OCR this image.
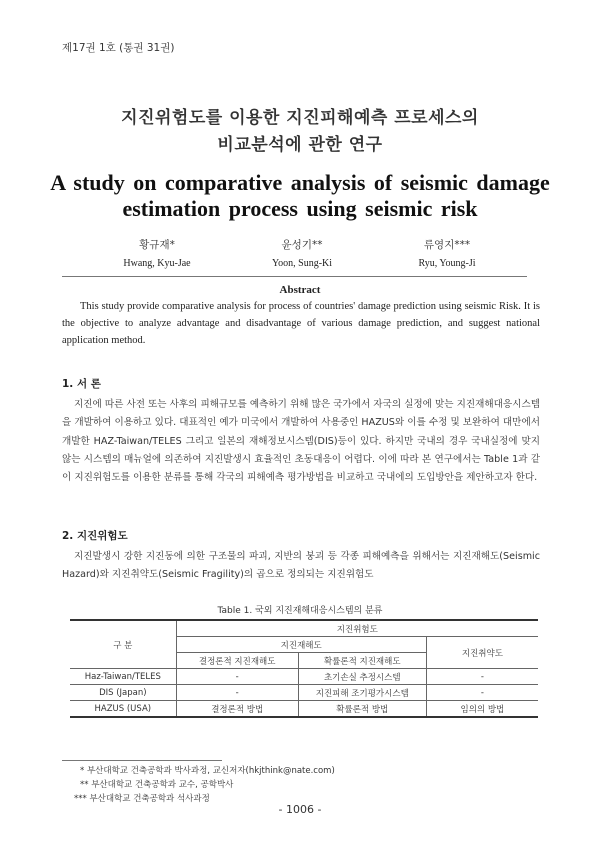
제17권 1호 (통권 31권)
지진위험도를 이용한 지진피해예측 프로세스의
비교분석에 관한 연구
A study on comparative analysis of seismic damage
estimation process using seismic risk
황규재*
Hwang, Kyu-Jae
윤성기**
Yoon, Sung-Ki
류영지***
Ryu, Young-Ji
Abstract
This study provide comparative analysis for process of countries' damage prediction using seismic Risk. It is the objective to analyze advantage and disadvantage of various damage prediction, and suggest national application method.
1. 서 론
지진에 따른 사전 또는 사후의 피해규모를 예측하기 위해 많은 국가에서 자국의 실정에 맞는 지진재해대응시스템을 개발하여 이용하고 있다. 대표적인 예가 미국에서 개발하여 사용중인 HAZUS와 이를 수정 및 보완하여 대만에서 개발한 HAZ-Taiwan/TELES 그리고 일본의 재해정보시스템(DIS)등이 있다. 하지만 국내의 경우 국내실정에 맞지 않는 시스템의 매뉴얼에 의존하여 지진발생시 효율적인 초동대응이 어렵다. 이에 따라 본 연구에서는 Table 1과 같이 지진위험도를 이용한 분류를 통해 각국의 피해예측 평가방법을 비교하고 국내에의 도입방안을 제안하고자 한다.
2. 지진위험도
지진발생시 강한 지진동에 의한 구조물의 파괴, 지반의 붕괴 등 각종 피해예측을 위해서는 지진재해도(Seismic Hazard)와 지진취약도(Seismic Fragility)의 곱으로 정의되는 지진위험도
Table 1. 국외 지진재해대응시스템의 분류
구 분	지진위험도		
	지진재해도		지진취약도
	결정론적 지진재해도	확률론적 지진재해도	
Haz-Taiwan/TELES	-	초기손실 추정시스템	-
DIS (Japan)	-	지진피해 조기평가시스템	-
HAZUS (USA)	결정론적 방법	확률론적 방법	임의의 방법
* 부산대학교 건축공학과 박사과정, 교신저자(hkjthink@nate.com)
** 부산대학교 건축공학과 교수, 공학박사
*** 부산대학교 건축공학과 석사과정
- 1006 -
